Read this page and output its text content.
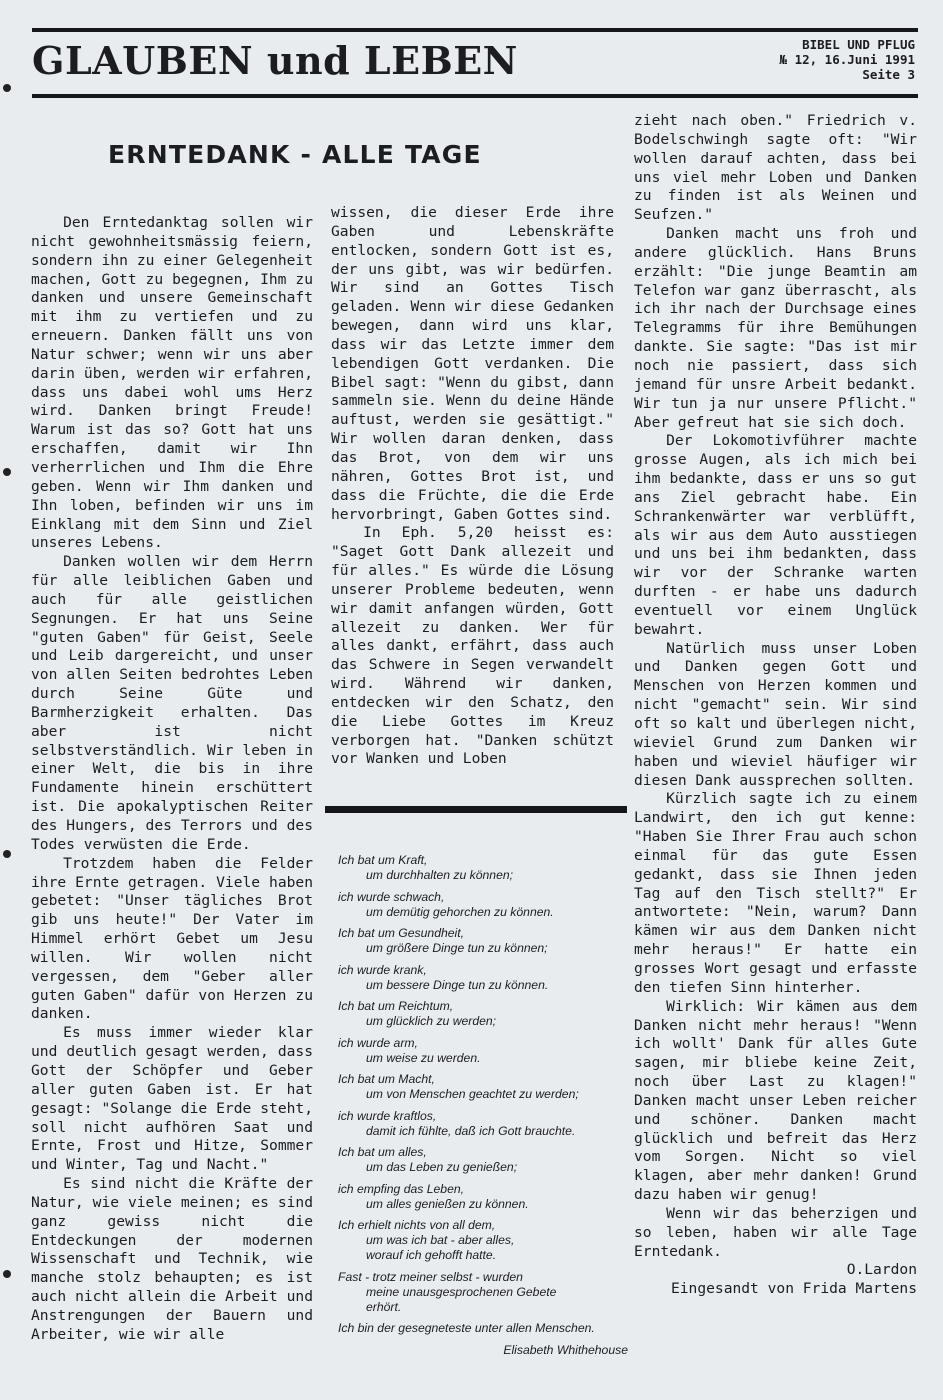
GLAUBEN und LEBEN	BIBEL UND PFLUG
№ 12, 16.Juni 1991
Seite 3
ERNTEDANK - ALLE TAGE

Den Erntedanktag sollen wir nicht gewohnheitsmässig feiern, sondern ihn zu einer Gelegenheit machen, Gott zu begegnen, Ihm zu danken und unsere Gemeinschaft mit ihm zu vertiefen und zu erneuern. Danken fällt uns von Natur schwer; wenn wir uns aber darin üben, werden wir erfahren, dass uns dabei wohl ums Herz wird. Danken bringt Freude! Warum ist das so? Gott hat uns erschaffen, damit wir Ihn verherrlichen und Ihm die Ehre geben. Wenn wir Ihm danken und Ihn loben, befinden wir uns im Einklang mit dem Sinn und Ziel unseres Lebens.

Danken wollen wir dem Herrn für alle leiblichen Gaben und auch für alle geistlichen Segnungen. Er hat uns Seine "guten Gaben" für Geist, Seele und Leib dargereicht, und unser von allen Seiten bedrohtes Leben durch Seine Güte und Barmherzigkeit erhalten. Das aber ist nicht selbstverständlich. Wir leben in einer Welt, die bis in ihre Fundamente hinein erschüttert ist. Die apokalyptischen Reiter des Hungers, des Terrors und des Todes verwüsten die Erde.

Trotzdem haben die Felder ihre Ernte getragen. Viele haben gebetet: "Unser tägliches Brot gib uns heute!" Der Vater im Himmel erhört Gebet um Jesu willen. Wir wollen nicht vergessen, dem "Geber aller guten Gaben" dafür von Herzen zu danken.

Es muss immer wieder klar und deutlich gesagt werden, dass Gott der Schöpfer und Geber aller guten Gaben ist. Er hat gesagt: "Solange die Erde steht, soll nicht aufhören Saat und Ernte, Frost und Hitze, Sommer und Winter, Tag und Nacht."

Es sind nicht die Kräfte der Natur, wie viele meinen; es sind ganz gewiss nicht die Entdeckungen der modernen Wissenschaft und Technik, wie manche stolz behaupten; es ist auch nicht allein die Arbeit und Anstrengungen der Bauern und Arbeiter, wie wir alle

wissen, die dieser Erde ihre Gaben und Lebenskräfte entlocken, sondern Gott ist es, der uns gibt, was wir bedürfen. Wir sind an Gottes Tisch geladen. Wenn wir diese Gedanken bewegen, dann wird uns klar, dass wir das Letzte immer dem lebendigen Gott verdanken. Die Bibel sagt: "Wenn du gibst, dann sammeln sie. Wenn du deine Hände auftust, werden sie gesättigt." Wir wollen daran denken, dass das Brot, von dem wir uns nähren, Gottes Brot ist, und dass die Früchte, die die Erde hervorbringt, Gaben Gottes sind.

In Eph. 5,20 heisst es: "Saget Gott Dank allezeit und für alles." Es würde die Lösung unserer Probleme bedeuten, wenn wir damit anfangen würden, Gott allezeit zu danken. Wer für alles dankt, erfährt, dass auch das Schwere in Segen verwandelt wird. Während wir danken, entdecken wir den Schatz, den die Liebe Gottes im Kreuz verborgen hat. "Danken schützt vor Wanken und Loben

Ich bat um Kraft,
um durchhalten zu können;
ich wurde schwach,
um demütig gehorchen zu können.
Ich bat um Gesundheit,
um größere Dinge tun zu können;
ich wurde krank,
um bessere Dinge tun zu können.
Ich bat um Reichtum,
um glücklich zu werden;
ich wurde arm,
um weise zu werden.
Ich bat um Macht,
um von Menschen geachtet zu werden;
ich wurde kraftlos,
damit ich fühlte, daß ich Gott brauchte.
Ich bat um alles,
um das Leben zu genießen;
ich empfing das Leben,
um alles genießen zu können.
Ich erhielt nichts von all dem,
um was ich bat - aber alles,
worauf ich gehofft hatte.
Fast - trotz meiner selbst - wurden
meine unausgesprochenen Gebete
erhört.
Ich bin der gesegneteste unter allen Menschen.
Elisabeth Whithehouse

zieht nach oben." Friedrich v. Bodelschwingh sagte oft: "Wir wollen darauf achten, dass bei uns viel mehr Loben und Danken zu finden ist als Weinen und Seufzen."

Danken macht uns froh und andere glücklich. Hans Bruns erzählt: "Die junge Beamtin am Telefon war ganz überrascht, als ich ihr nach der Durchsage eines Telegramms für ihre Bemühungen dankte. Sie sagte: "Das ist mir noch nie passiert, dass sich jemand für unsre Arbeit bedankt. Wir tun ja nur unsere Pflicht." Aber gefreut hat sie sich doch.

Der Lokomotivführer machte grosse Augen, als ich mich bei ihm bedankte, dass er uns so gut ans Ziel gebracht habe. Ein Schrankenwärter war verblüfft, als wir aus dem Auto ausstiegen und uns bei ihm bedankten, dass wir vor der Schranke warten durften - er habe uns dadurch eventuell vor einem Unglück bewahrt.

Natürlich muss unser Loben und Danken gegen Gott und Menschen von Herzen kommen und nicht "gemacht" sein. Wir sind oft so kalt und überlegen nicht, wieviel Grund zum Danken wir haben und wieviel häufiger wir diesen Dank aussprechen sollten.

Kürzlich sagte ich zu einem Landwirt, den ich gut kenne: "Haben Sie Ihrer Frau auch schon einmal für das gute Essen gedankt, dass sie Ihnen jeden Tag auf den Tisch stellt?" Er antwortete: "Nein, warum? Dann kämen wir aus dem Danken nicht mehr heraus!" Er hatte ein grosses Wort gesagt und erfasste den tiefen Sinn hinterher.

Wirklich: Wir kämen aus dem Danken nicht mehr heraus! "Wenn ich wollt' Dank für alles Gute sagen, mir bliebe keine Zeit, noch über Last zu klagen!" Danken macht unser Leben reicher und schöner. Danken macht glücklich und befreit das Herz vom Sorgen. Nicht so viel klagen, aber mehr danken! Grund dazu haben wir genug!

Wenn wir das beherzigen und so leben, haben wir alle Tage Erntedank.

O.Lardon

Eingesandt von Frida Martens
